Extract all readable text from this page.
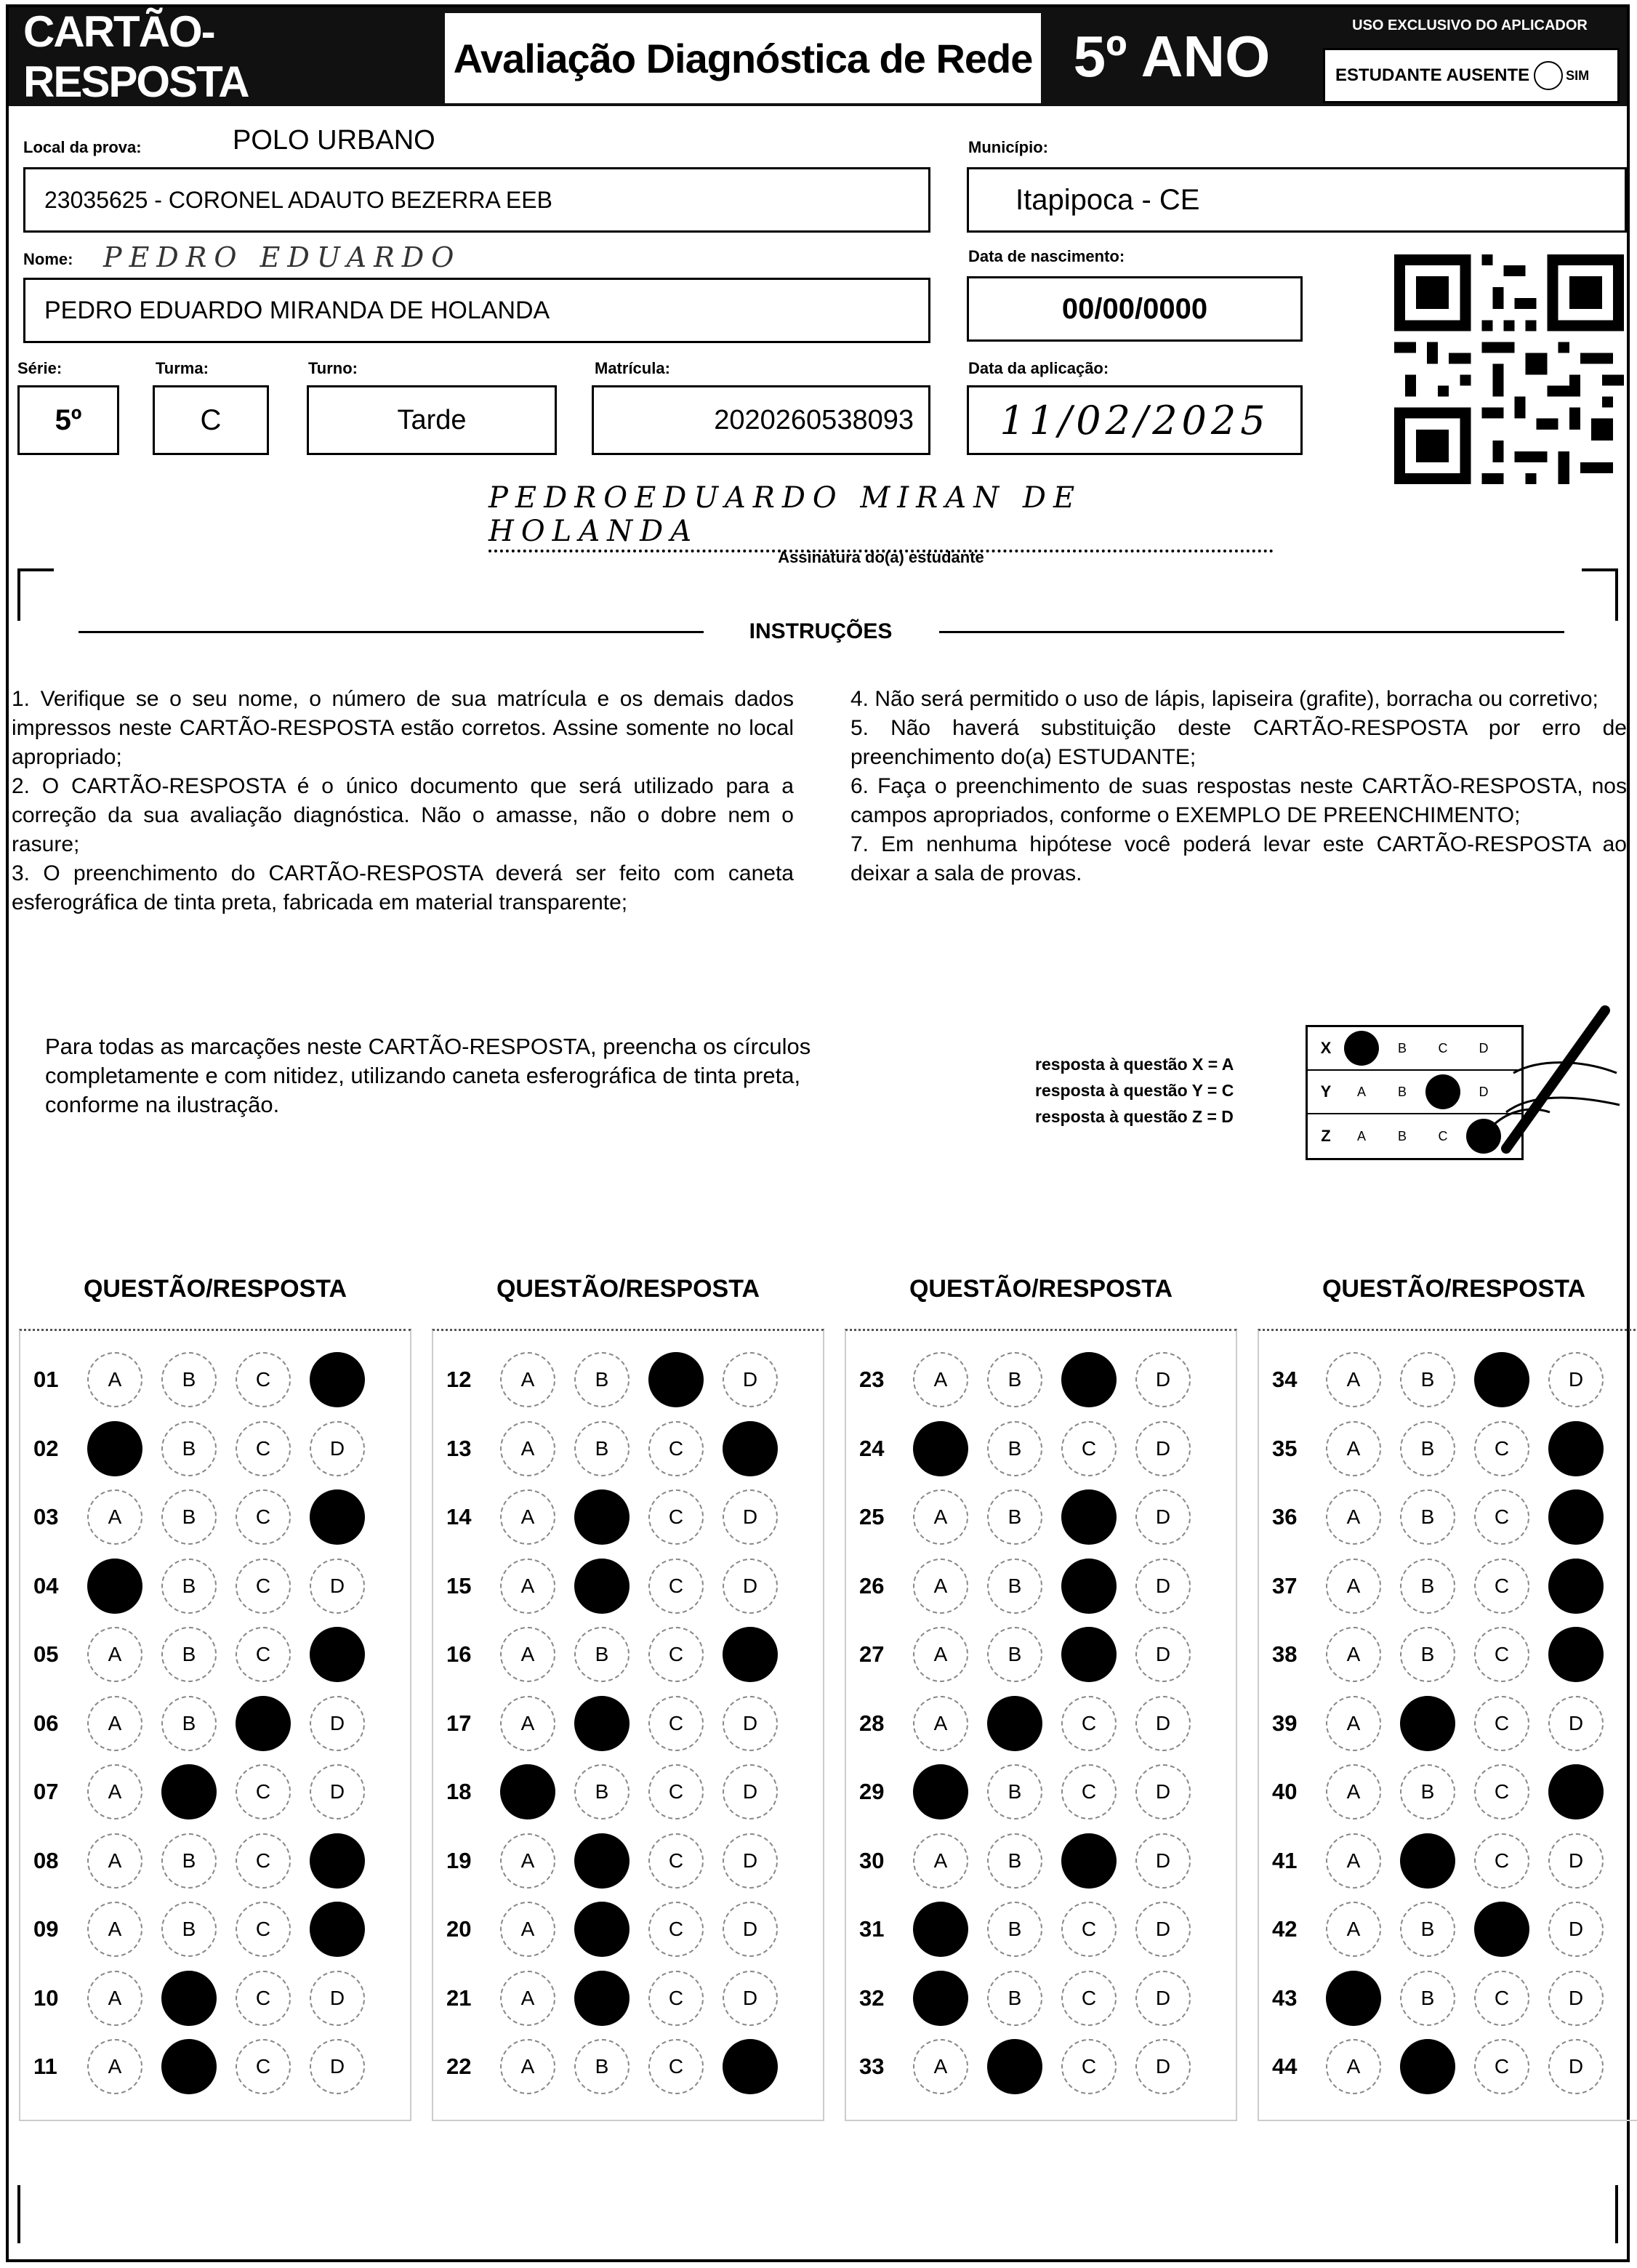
CARTÃO-RESPOSTA	Avaliação Diagnóstica de Rede 5º ANO	USO EXCLUSIVO DO APLICADOR
ESTUDANTE AUSENTE	SIM
Local da prova:	POLO URBANO
23035625 - CORONEL ADAUTO BEZERRA EEB
Município:
Itapipoca - CE
Nome: PEDRO EDUARDO
PEDRO EDUARDO MIRANDA DE HOLANDA
Data de nascimento:
00/00/0000
Série:
5º
Turma:
C
Turno:
Tarde
Matrícula:
2020260538093
Data da aplicação:
11/02/2025
PEDROEDUARDO MIRAN DE HOLANDA
Assinatura do(a) estudante
INSTRUÇÕES

1. Verifique se o seu nome, o número de sua matrícula e os demais dados impressos neste CARTÃO-RESPOSTA estão corretos. Assine somente no local apropriado;

2. O CARTÃO-RESPOSTA é o único documento que será utilizado para a correção da sua avaliação diagnóstica. Não o amasse, não o dobre nem o rasure;

3. O preenchimento do CARTÃO-RESPOSTA deverá ser feito com caneta esferográfica de tinta preta, fabricada em material transparente;

4. Não será permitido o uso de lápis, lapiseira (grafite), borracha ou corretivo;

5. Não haverá substituição deste CARTÃO-RESPOSTA por erro de preenchimento do(a) ESTUDANTE;

6. Faça o preenchimento de suas respostas neste CARTÃO-RESPOSTA, nos campos apropriados, conforme o EXEMPLO DE PREENCHIMENTO;

7. Em nenhuma hipótese você poderá levar este CARTÃO-RESPOSTA ao deixar a sala de provas.

Para todas as marcações neste CARTÃO-RESPOSTA, preencha os círculos completamente e com nitidez, utilizando caneta esferográfica de tinta preta, conforme na ilustração.
resposta à questão X = A
resposta à questão Y = C
resposta à questão Z = D
X	A	B	C	D
Y	A	B	C	D
Z	A	B	C	D
QUESTÃO/RESPOSTA
01	A	B	C	D
02	A	B	C	D
03	A	B	C	D
04	A	B	C	D
05	A	B	C	D
06	A	B	C	D
07	A	B	C	D
08	A	B	C	D
09	A	B	C	D
10	A	B	C	D
11	A	B	C	D
QUESTÃO/RESPOSTA
12	A	B	C	D
13	A	B	C	D
14	A	B	C	D
15	A	B	C	D
16	A	B	C	D
17	A	B	C	D
18	A	B	C	D
19	A	B	C	D
20	A	B	C	D
21	A	B	C	D
22	A	B	C	D
QUESTÃO/RESPOSTA
23	A	B	C	D
24	A	B	C	D
25	A	B	C	D
26	A	B	C	D
27	A	B	C	D
28	A	B	C	D
29	A	B	C	D
30	A	B	C	D
31	A	B	C	D
32	A	B	C	D
33	A	B	C	D
QUESTÃO/RESPOSTA
34	A	B	C	D
35	A	B	C	D
36	A	B	C	D
37	A	B	C	D
38	A	B	C	D
39	A	B	C	D
40	A	B	C	D
41	A	B	C	D
42	A	B	C	D
43	A	B	C	D
44	A	B	C	D
